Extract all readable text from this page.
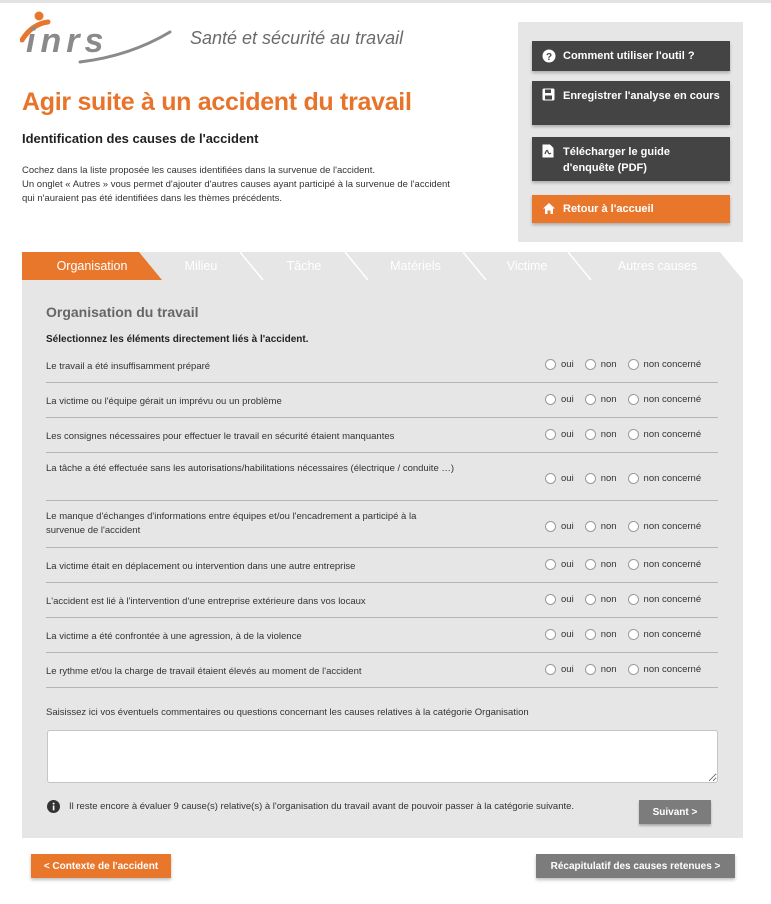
inrs	Santé et sécurité au travail
Agir suite à un accident du travail
Identification des causes de l'accident

Cochez dans la liste proposée les causes identifiées dans la survenue de l'accident.

Un onglet « Autres » vous permet d'ajouter d'autres causes ayant participé à la survenue de l'accident

qui n'auraient pas été identifiées dans les thèmes précédents.

? Comment utiliser l'outil ?
Enregistrer l'analyse en cours
Télécharger le guide d'enquête (PDF)
Retour à l'accueil
Organisation	Milieu	Tâche	Matériels	Victime	Autres causes
Organisation du travail
Sélectionnez les éléments directement liés à l'accident.
Le travail a été insuffisamment préparé	oui	non	non concerné
La victime ou l'équipe gérait un imprévu ou un problème	oui	non	non concerné
Les consignes nécessaires pour effectuer le travail en sécurité étaient manquantes	oui	non	non concerné
La tâche a été effectuée sans les autorisations/habilitations nécessaires (électrique / conduite …)
oui	non	non concerné
Le manque d'échanges d'informations entre équipes et/ou l'encadrement a participé à la survenue de l'accident	oui	non	non concerné
La victime était en déplacement ou intervention dans une autre entreprise	oui	non	non concerné
L'accident est lié à l'intervention d'une entreprise extérieure dans vos locaux	oui	non	non concerné
La victime a été confrontée à une agression, à de la violence	oui	non	non concerné
Le rythme et/ou la charge de travail étaient élevés au moment de l'accident	oui	non	non concerné
Saisissez ici vos éventuels commentaires ou questions concernant les causes relatives à la catégorie Organisation
Il reste encore à évaluer 9 cause(s) relative(s) à l'organisation du travail avant de pouvoir passer à la catégorie suivante.	Suivant >
< Contexte de l'accident	Récapitulatif des causes retenues >
